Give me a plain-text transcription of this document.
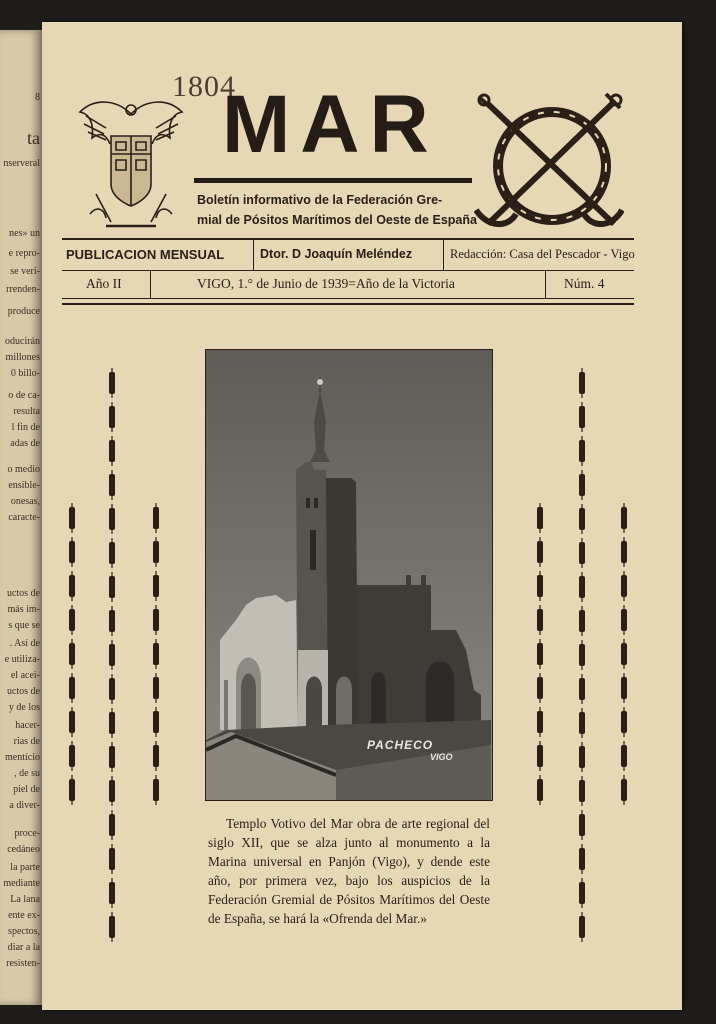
8
ta
nserveral
nes» un
e repro-
se veri-
rrenden-
produce
oducirán
millones
0 billo-
o de ca-
resulta
l fin de
adas de
o medio
ensible-
onesas,
caracte-
uctos de
más im-
s que se
. Así de
e utiliza-
el acei-
uctos de
y de los
hacer-
rias de
mentício
, de su
piel de
a diver-
proce-
cedáneo
la parte
mediante
La lana
ente ex-
spectos,
diar a la
resisten-
1804
MAR
Boletín informativo de la Federación Gre-
mial de Pósitos Marítimos del Oeste de España
PUBLICACION MENSUAL	Dtor. D Joaquín Meléndez	Redacción: Casa del Pescador - Vigo
Año II	VIGO, 1.° de Junio de 1939=Año de la Victoria	Núm. 4
PACHECO
VIGO
Templo Votivo del Mar obra de arte regional del siglo XII, que se alza junto al monumento a la Marina universal en Panjón (Vigo), y dende este año, por primera vez, bajo los auspicios de la Federación Gremial de Pósitos Marítimos del Oeste de España, se hará la «Ofrenda del Mar.»
